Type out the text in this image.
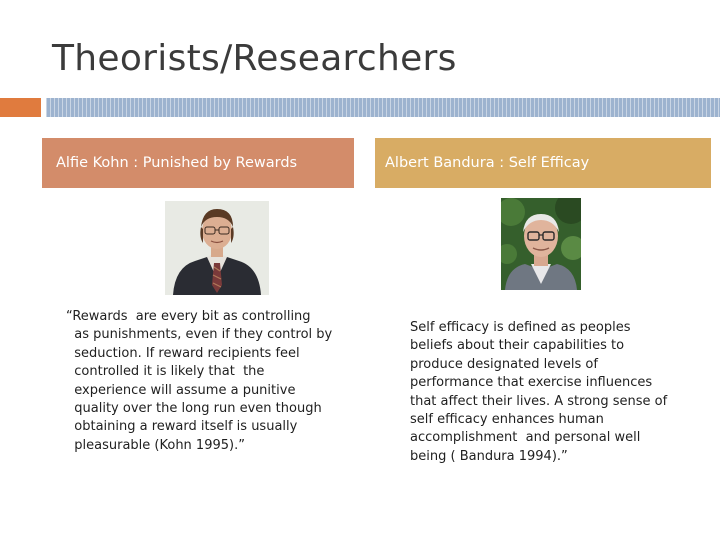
Theorists/Researchers
Alfie Kohn : Punished by Rewards	Albert Bandura : Self Efficay
“Rewards  are every bit as controlling
as punishments, even if they control by
seduction. If reward recipients feel
controlled it is likely that  the
experience will assume a punitive
quality over the long run even though
obtaining a reward itself is usually
pleasurable (Kohn 1995).”
Self efficacy is defined as peoples
beliefs about their capabilities to
produce designated levels of
performance that exercise influences
that affect their lives. A strong sense of
self efficacy enhances human
accomplishment  and personal well
being ( Bandura 1994).”
